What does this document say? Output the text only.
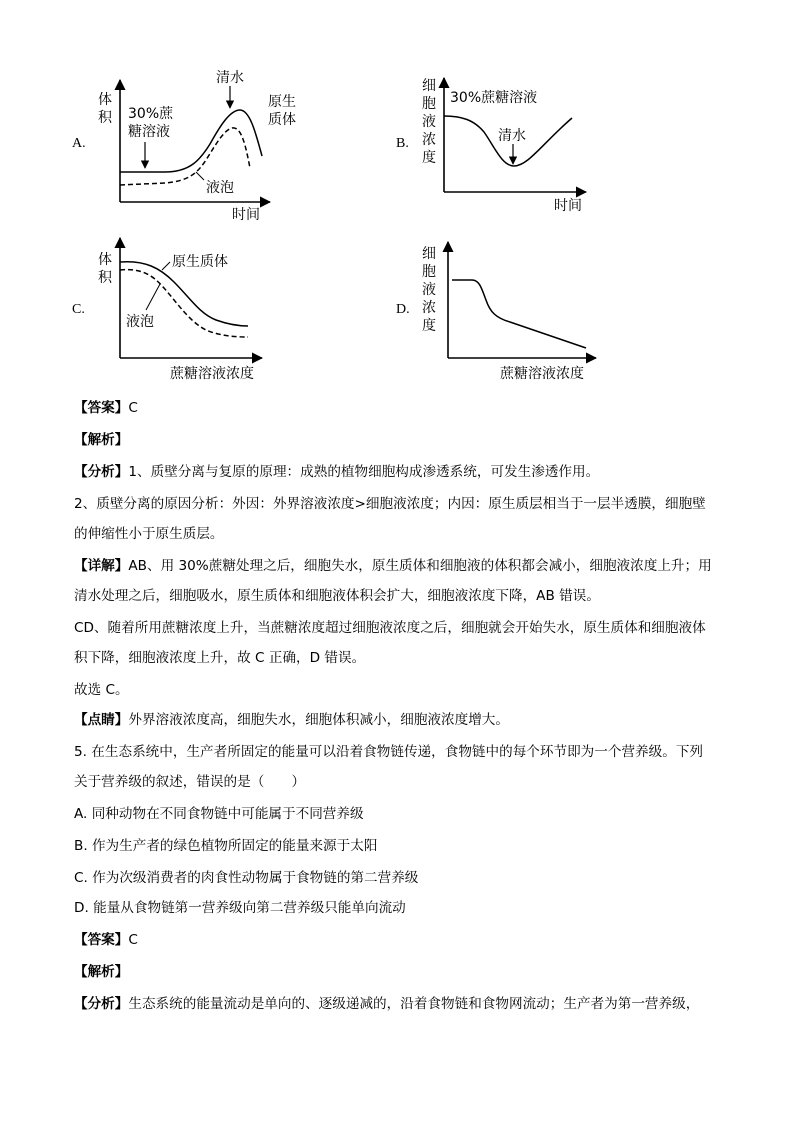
A.
体
积
时间
清水
30%蔗
糖溶液
原生
质体
液泡
B.
细
胞
液
浓
度
时间
30%蔗糖溶液
清水
C.
体
积
蔗糖溶液浓度
原生质体
液泡
D.
细
胞
液
浓
度
蔗糖溶液浓度
【答案】C
【解析】
【分析】1、质壁分离与复原的原理：成熟的植物细胞构成渗透系统，可发生渗透作用。
2、质壁分离的原因分析：外因：外界溶液浓度>细胞液浓度；内因：原生质层相当于一层半透膜，细胞壁
的伸缩性小于原生质层。
【详解】AB、用 30%蔗糖处理之后，细胞失水，原生质体和细胞液的体积都会减小，细胞液浓度上升；用
清水处理之后，细胞吸水，原生质体和细胞液体积会扩大，细胞液浓度下降，AB 错误。
CD、随着所用蔗糖浓度上升，当蔗糖浓度超过细胞液浓度之后，细胞就会开始失水，原生质体和细胞液体
积下降，细胞液浓度上升，故 C 正确，D 错误。
故选 C。
【点睛】外界溶液浓度高，细胞失水，细胞体积减小，细胞液浓度增大。
5. 在生态系统中，生产者所固定的能量可以沿着食物链传递，食物链中的每个环节即为一个营养级。下列
关于营养级的叙述，错误的是（　　）
A. 同种动物在不同食物链中可能属于不同营养级
B. 作为生产者的绿色植物所固定的能量来源于太阳
C. 作为次级消费者的肉食性动物属于食物链的第二营养级
D. 能量从食物链第一营养级向第二营养级只能单向流动
【答案】C
【解析】
【分析】生态系统的能量流动是单向的、逐级递减的，沿着食物链和食物网流动；生产者为第一营养级，
